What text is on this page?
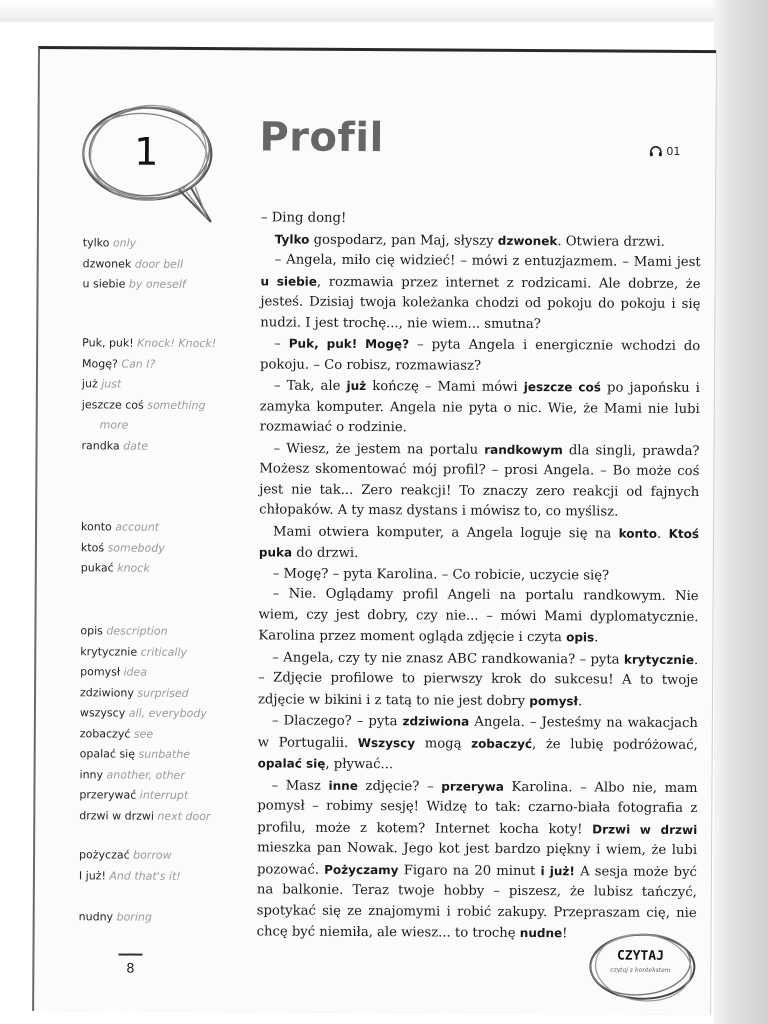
1	Profil	01
tylko only
dzwonek door bell
u siebie by oneself
Puk, puk! Knock! Knock!
Mogę? Can I?
już just
jeszcze coś something
more
randka date
konto account
ktoś somebody
pukać knock
opis description
krytycznie critically
pomysł idea
zdziwiony surprised
wszyscy all, everybody
zobaczyć see
opalać się sunbathe
inny another, other
przerywać interrupt
drzwi w drzwi next door
pożyczać borrow
I już! And that's it!
nudny boring

– Ding dong!

Tylko gospodarz, pan Maj, słyszy dzwonek. Otwiera drzwi.

– Angela, miło cię widzieć! – mówi z entuzjazmem. – Mami jest u siebie, rozmawia przez internet z rodzicami. Ale dobrze, że jesteś. Dzisiaj twoja koleżanka chodzi od pokoju do pokoju i się nudzi. I jest trochę..., nie wiem... smutna?

– Puk, puk! Mogę? – pyta Angela i energicznie wchodzi do pokoju. – Co robisz, rozmawiasz?

– Tak, ale już kończę – Mami mówi jeszcze coś po japońsku i zamyka komputer. Angela nie pyta o nic. Wie, że Mami nie lubi rozmawiać o rodzinie.

– Wiesz, że jestem na portalu randkowym dla singli, prawda? Możesz skomentować mój profil? – prosi Angela. – Bo może coś jest nie tak... Zero reakcji! To znaczy zero reakcji od fajnych chłopaków. A ty masz dystans i mówisz to, co myślisz.

Mami otwiera komputer, a Angela loguje się na konto. Ktoś puka do drzwi.

– Mogę? – pyta Karolina. – Co robicie, uczycie się?

– Nie. Oglądamy profil Angeli na portalu randkowym. Nie wiem, czy jest dobry, czy nie... – mówi Mami dyplomatycznie. Karolina przez moment ogląda zdjęcie i czyta opis.

– Angela, czy ty nie znasz ABC randkowania? – pyta krytycznie. – Zdjęcie profilowe to pierwszy krok do sukcesu! A to twoje zdjęcie w bikini i z tatą to nie jest dobry pomysł.

– Dlaczego? – pyta zdziwiona Angela. – Jesteśmy na wakacjach w Portugalii. Wszyscy mogą zobaczyć, że lubię podróżować, opalać się, pływać...

– Masz inne zdjęcie? – przerywa Karolina. – Albo nie, mam pomysł – robimy sesję! Widzę to tak: czarno-biała fotografia z profilu, może z kotem? Internet kocha koty! Drzwi w drzwi mieszka pan Nowak. Jego kot jest bardzo piękny i wiem, że lubi pozować. Pożyczamy Figaro na 20 minut i już! A sesja może być na balkonie. Teraz twoje hobby – piszesz, że lubisz tańczyć, spotykać się ze znajomymi i robić zakupy. Przepraszam cię, nie chcę być niemiła, ale wiesz... to trochę nudne!

8
CZYTAJ
czytaj z kontekstem
